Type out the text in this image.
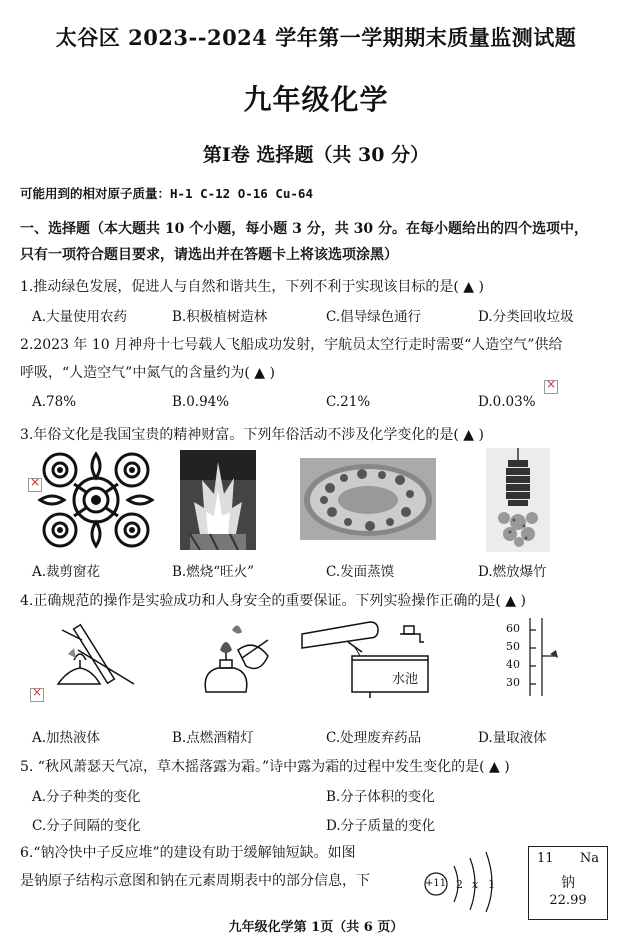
太谷区 2023--2024 学年第一学期期末质量监测试题
九年级化学
第Ⅰ卷 选择题（共 30 分）
可能用到的相对原子质量：H-1 C-12 O-16 Cu-64
一、选择题（本大题共 10 个小题，每小题 3 分，共 30 分。在每小题给出的四个选项中，
只有一项符合题目要求，请选出并在答题卡上将该选项涂黑）
1.推动绿色发展，促进人与自然和谐共生，下列不利于实现该目标的是( ▲ )
A.大量使用农药	B.积极植树造林	C.倡导绿色通行	D.分类回收垃圾
2.2023 年 10 月神舟十七号载人飞船成功发射，宇航员太空行走时需要“人造空气”供给
呼吸，“人造空气”中氮气的含量约为( ▲ )
A.78%	B.0.94%	C.21%	D.0.03%
×
3.年俗文化是我国宝贵的精神财富。下列年俗活动不涉及化学变化的是( ▲ )
×
A.裁剪窗花	B.燃烧“旺火”	C.发面蒸馍	D.燃放爆竹
4.正确规范的操作是实验成功和人身安全的重要保证。下列实验操作正确的是( ▲ )
×
水池
60
50
40
30
A.加热液体	B.点燃酒精灯	C.处理废弃药品	D.量取液体
5. “秋风萧瑟天气凉，草木摇落露为霜。”诗中露为霜的过程中发生变化的是( ▲ )
A.分子种类的变化	B.分子体积的变化
C.分子间隔的变化	D.分子质量的变化
6.“钠冷快中子反应堆”的建设有助于缓解铀短缺。如图
是钠原子结构示意图和钠在元素周期表中的部分信息，下	+11 2 x 1
11 Na
钠
22.99
九年级化学第 1页（共 6 页）
